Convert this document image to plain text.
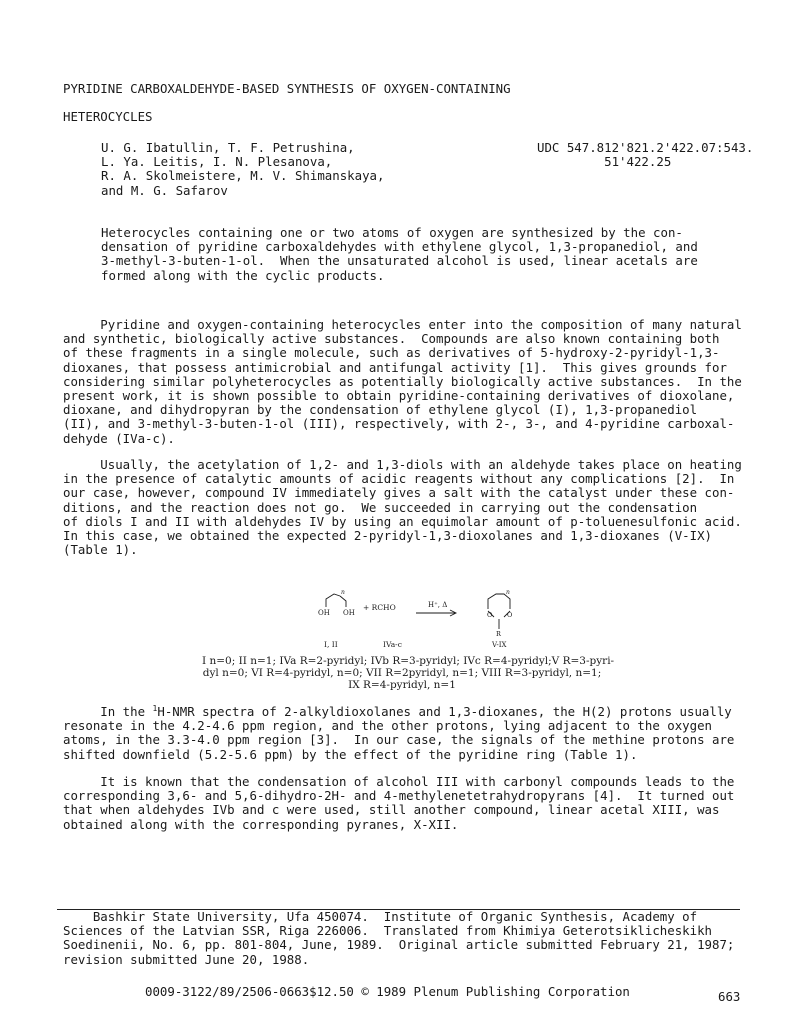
PYRIDINE CARBOXALDEHYDE-BASED SYNTHESIS OF OXYGEN-CONTAINING

HETEROCYCLES
U. G. Ibatullin, T. F. Petrushina,
L. Ya. Leitis, I. N. Plesanova,
R. A. Skolmeistere, M. V. Shimanskaya,
and M. G. Safarov
UDC 547.812'821.2'422.07:543.
51'422.25
Heterocycles containing one or two atoms of oxygen are synthesized by the con-
densation of pyridine carboxaldehydes with ethylene glycol, 1,3-propanediol, and
3-methyl-3-buten-1-ol.  When the unsaturated alcohol is used, linear acetals are
formed along with the cyclic products.
Pyridine and oxygen-containing heterocycles enter into the composition of many natural
and synthetic, biologically active substances.  Compounds are also known containing both
of these fragments in a single molecule, such as derivatives of 5-hydroxy-2-pyridyl-1,3-
dioxanes, that possess antimicrobial and antifungal activity [1].  This gives grounds for
considering similar polyheterocycles as potentially biologically active substances.  In the
present work, it is shown possible to obtain pyridine-containing derivatives of dioxolane,
dioxane, and dihydropyran by the condensation of ethylene glycol (I), 1,3-propanediol
(II), and 3-methyl-3-buten-1-ol (III), respectively, with 2-, 3-, and 4-pyridine carboxal-
dehyde (IVa-c).
Usually, the acetylation of 1,2- and 1,3-diols with an aldehyde takes place on heating
in the presence of catalytic amounts of acidic reagents without any complications [2].  In
our case, however, compound IV immediately gives a salt with the catalyst under these con-
ditions, and the reaction does not go.  We succeeded in carrying out the condensation
of diols I and II with aldehydes IV by using an equimolar amount of p-toluenesulfonic acid.
In this case, we obtained the expected 2-pyridyl-1,3-dioxolanes and 1,3-dioxanes (V-IX)
(Table 1).
OH OH
n
+ RCHO	H⁺, Δ
n
O O
R
I, II	IVa-c	V-IX
I n=0; II n=1; IVa R=2-pyridyl; IVb R=3-pyridyl; IVc R=4-pyridyl;V R=3-pyri-
dyl n=0; VI R=4-pyridyl, n=0; VII R=2pyridyl, n=1; VIII R=3-pyridyl, n=1;
IX R=4-pyridyl, n=1
In the $^1$H-NMR spectra of 2-alkyldioxolanes and 1,3-dioxanes, the H(2) protons usually
resonate in the 4.2-4.6 ppm region, and the other protons, lying adjacent to the oxygen
atoms, in the 3.3-4.0 ppm region [3].  In our case, the signals of the methine protons are
shifted downfield (5.2-5.6 ppm) by the effect of the pyridine ring (Table 1).
It is known that the condensation of alcohol III with carbonyl compounds leads to the
corresponding 3,6- and 5,6-dihydro-2H- and 4-methylenetetrahydropyrans [4].  It turned out
that when aldehydes IVb and c were used, still another compound, linear acetal XIII, was
obtained along with the corresponding pyranes, X-XII.
Bashkir State University, Ufa 450074.  Institute of Organic Synthesis, Academy of
Sciences of the Latvian SSR, Riga 226006.  Translated from Khimiya Geterotsiklicheskikh
Soedinenii, No. 6, pp. 801-804, June, 1989.  Original article submitted February 21, 1987;
revision submitted June 20, 1988.
0009-3122/89/2506-0663$12.50 © 1989 Plenum Publishing Corporation	663
